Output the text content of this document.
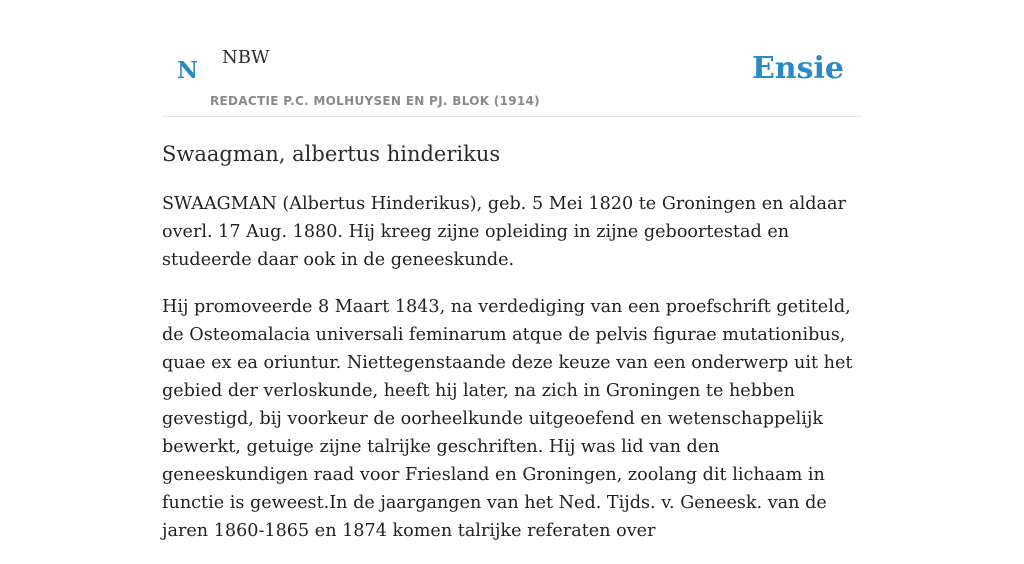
N NBW
REDACTIE P.C. MOLHUYSEN EN PJ. BLOK (1914)
Ensie
Swaagman, albertus hinderikus

SWAAGMAN (Albertus Hinderikus), geb. 5 Mei 1820 te Groningen en aldaar overl. 17 Aug. 1880. Hij kreeg zijne opleiding in zijne geboortestad en studeerde daar ook in de geneeskunde.

Hij promoveerde 8 Maart 1843, na verdediging van een proefschrift getiteld, de Osteomalacia universali feminarum atque de pelvis figurae mutationibus, quae ex ea oriuntur. Niettegenstaande deze keuze van een onderwerp uit het gebied der verloskunde, heeft hij later, na zich in Groningen te hebben gevestigd, bij voorkeur de oorheelkunde uitgeoefend en wetenschappelijk bewerkt, getuige zijne talrijke geschriften. Hij was lid van den geneeskundigen raad voor Friesland en Groningen, zoolang dit lichaam in functie is geweest.In de jaargangen van het Ned. Tijds. v. Geneesk. van de jaren 1860-1865 en 1874 komen talrijke referaten over
